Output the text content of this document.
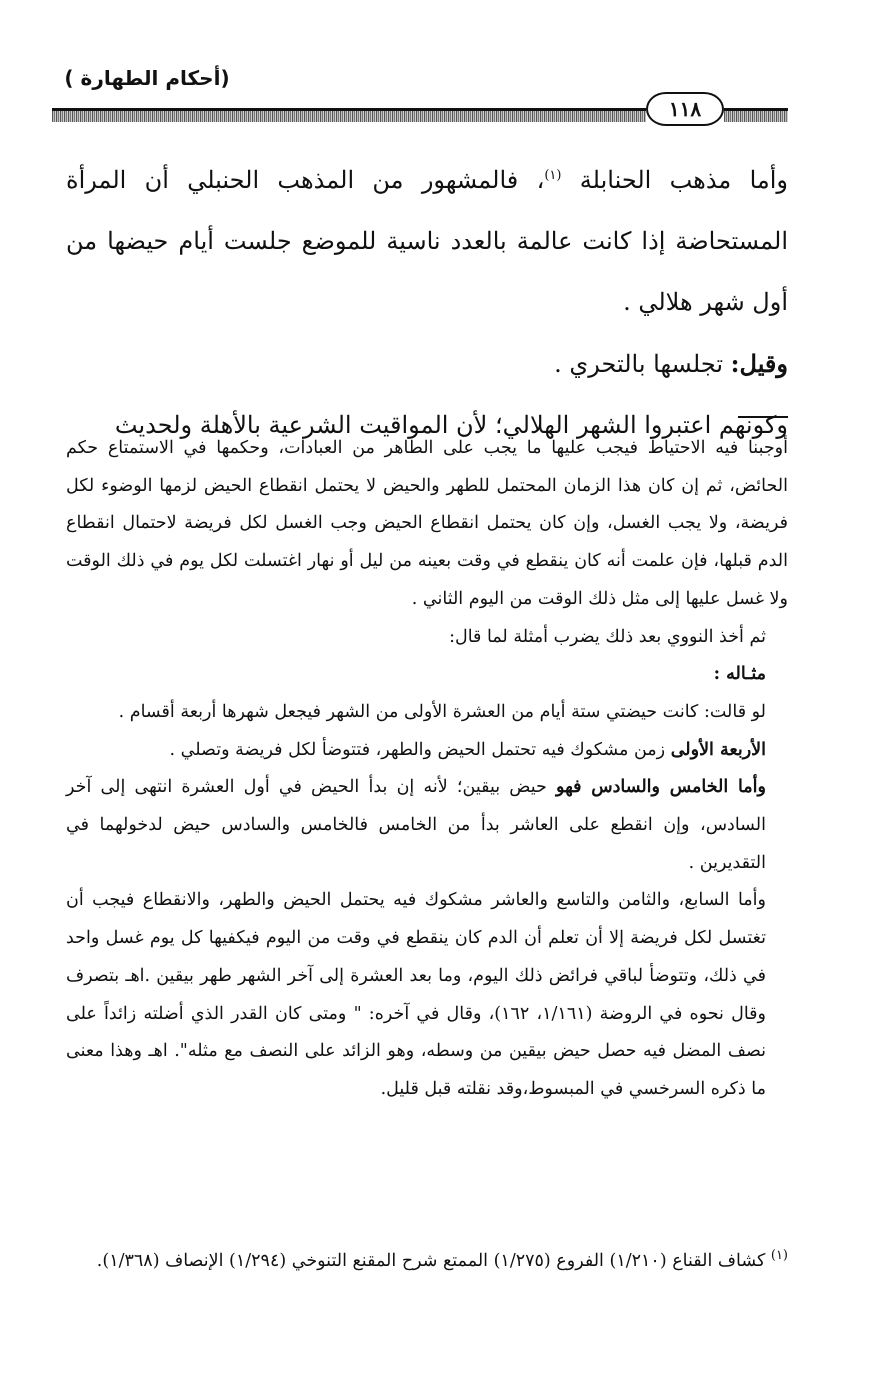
(أحكام الطهارة )
١١٨

وأما مذهب الحنابلة $^{(١)}$، فالمشهور من المذهب الحنبلي أن المرأة المستحاضة إذا كانت عالمة بالعدد ناسية للموضع جلست أيام حيضها من أول شهر هلالي .

وقيل: تجلسها بالتحري .

وكونهم اعتبروا الشهر الهلالي؛ لأن المواقيت الشرعية بالأهلة ولحديث

أوجبنا فيه الاحتياط فيجب عليها ما يجب على الطاهر من العبادات، وحكمها في الاستمتاع حكم الحائض، ثم إن كان هذا الزمان المحتمل للطهر والحيض لا يحتمل انقطاع الحيض لزمها الوضوء لكل فريضة، ولا يجب الغسل، وإن كان يحتمل انقطاع الحيض وجب الغسل لكل فريضة لاحتمال انقطاع الدم قبلها، فإن علمت أنه كان ينقطع في وقت بعينه من ليل أو نهار اغتسلت لكل يوم في ذلك الوقت ولا غسل عليها إلى مثل ذلك الوقت من اليوم الثاني .

ثم أخذ النووي بعد ذلك يضرب أمثلة لما قال:

مثـاله :

لو قالت: كانت حيضتي ستة أيام من العشرة الأولى من الشهر فيجعل شهرها أربعة أقسام .

الأربعة الأولى زمن مشكوك فيه تحتمل الحيض والطهر، فتتوضأ لكل فريضة وتصلي .

وأما الخامس والسادس فهو حيض بيقين؛ لأنه إن بدأ الحيض في أول العشرة انتهى إلى آخر السادس، وإن انقطع على العاشر بدأ من الخامس فالخامس والسادس حيض لدخولهما في التقديرين .

وأما السابع، والثامن والتاسع والعاشر مشكوك فيه يحتمل الحيض والطهر، والانقطاع فيجب أن تغتسل لكل فريضة إلا أن تعلم أن الدم كان ينقطع في وقت من اليوم فيكفيها كل يوم غسل واحد في ذلك، وتتوضأ لباقي فرائض ذلك اليوم، وما بعد العشرة إلى آخر الشهر طهر بيقين .اهـ بتصرف وقال نحوه في الروضة (١/١٦١، ١٦٢)، وقال في آخره: " ومتى كان القدر الذي أضلته زائداً على نصف المضل فيه حصل حيض بيقين من وسطه، وهو الزائد على النصف مع مثله". اهـ وهذا معنى ما ذكره السرخسي في المبسوط،وقد نقلته قبل قليل.

$^{(١)}$ كشاف القناع (١/٢١٠) الفروع (١/٢٧٥) الممتع شرح المقنع التنوخي (١/٢٩٤) الإنصاف (١/٣٦٨).
